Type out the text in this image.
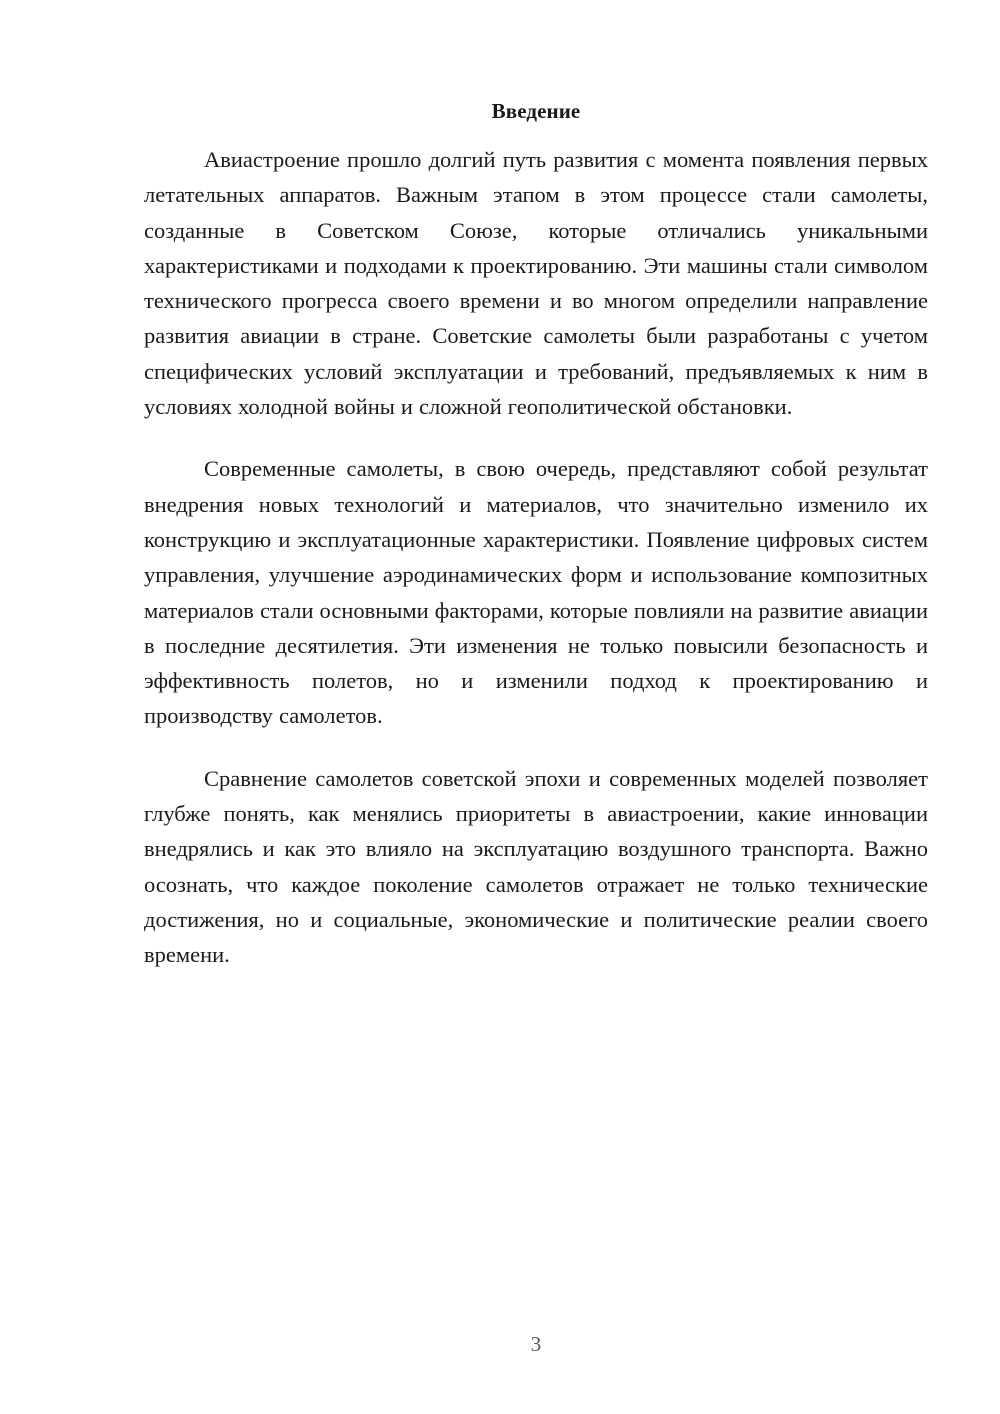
Введение

Авиастроение прошло долгий путь развития с момента появления первых летательных аппаратов. Важным этапом в этом процессе стали самолеты, созданные в Советском Союзе, которые отличались уникальными характеристиками и подходами к проектированию. Эти машины стали символом технического прогресса своего времени и во многом определили направление развития авиации в стране. Советские самолеты были разработаны с учетом специфических условий эксплуатации и требований, предъявляемых к ним в условиях холодной войны и сложной геополитической обстановки.

Современные самолеты, в свою очередь, представляют собой результат внедрения новых технологий и материалов, что значительно изменило их конструкцию и эксплуатационные характеристики. Появление цифровых систем управления, улучшение аэродинамических форм и использование композитных материалов стали основными факторами, которые повлияли на развитие авиации в последние десятилетия. Эти изменения не только повысили безопасность и эффективность полетов, но и изменили подход к проектированию и производству самолетов.

Сравнение самолетов советской эпохи и современных моделей позволяет глубже понять, как менялись приоритеты в авиастроении, какие инновации внедрялись и как это влияло на эксплуатацию воздушного транспорта. Важно осознать, что каждое поколение самолетов отражает не только технические достижения, но и социальные, экономические и политические реалии своего времени.

3
